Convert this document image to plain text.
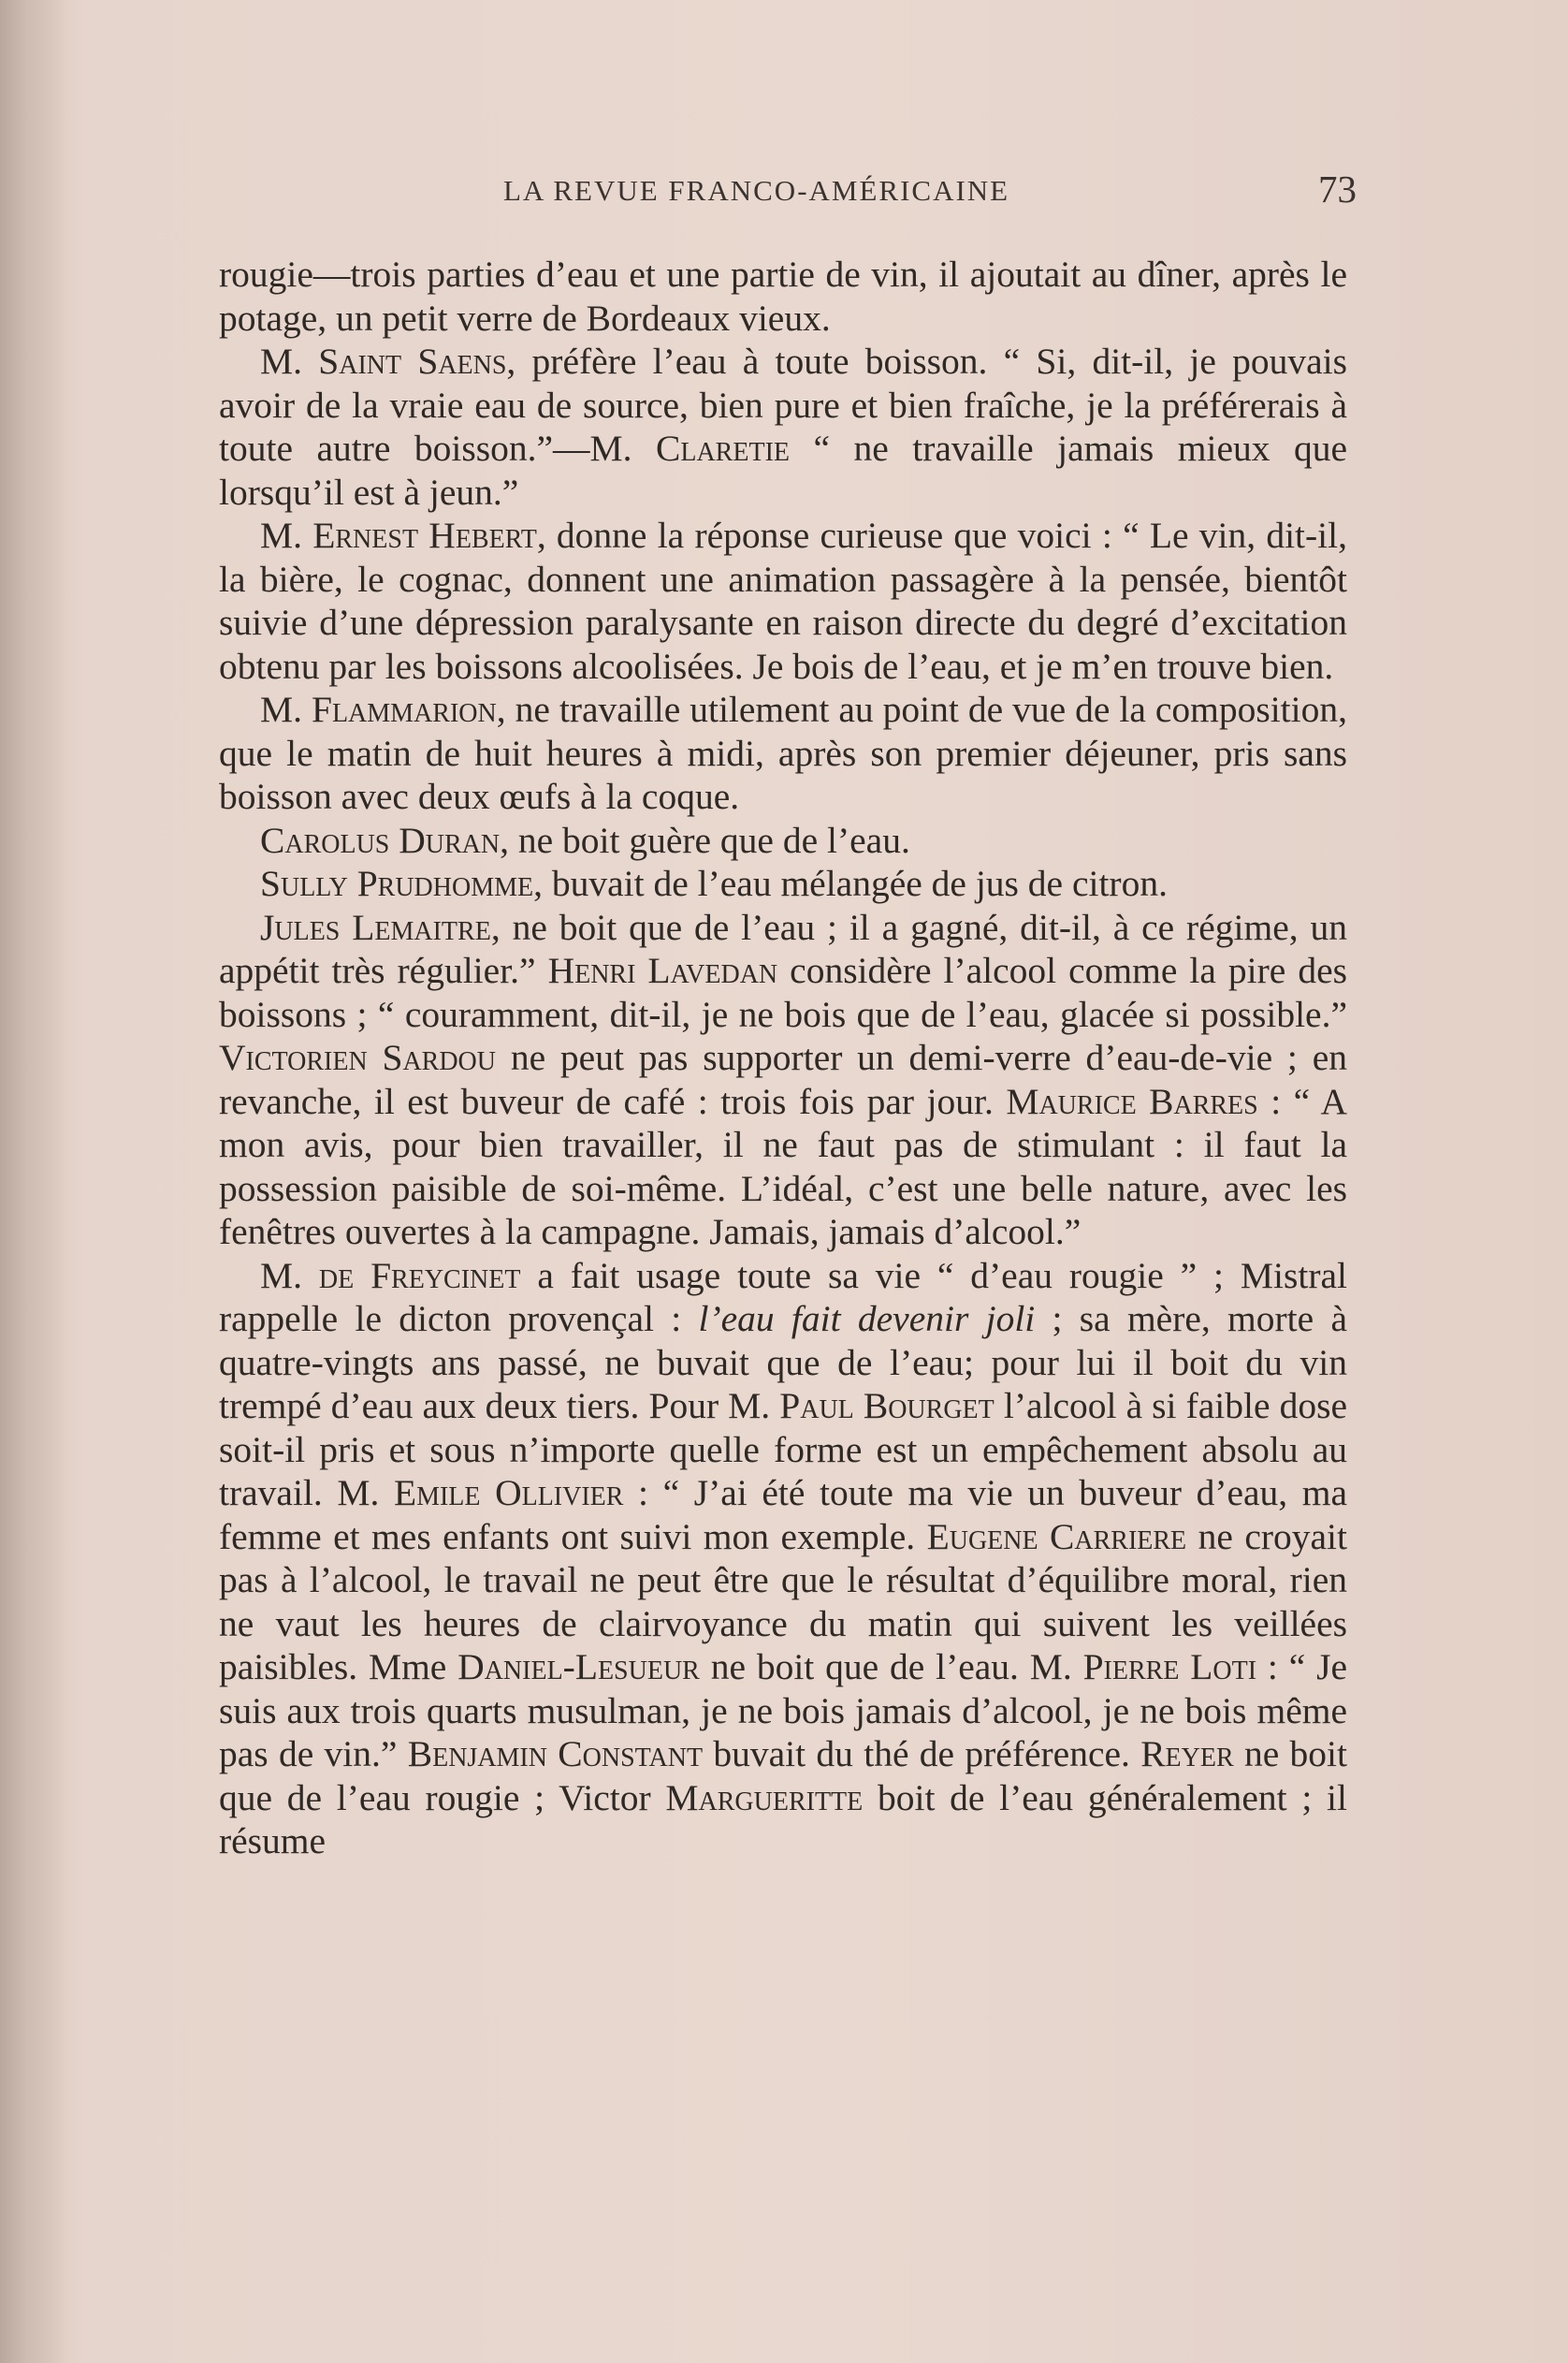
LA REVUE FRANCO-AMÉRICAINE	73

rougie—trois parties d’eau et une partie de vin, il ajoutait au dîner, après le potage, un petit verre de Bordeaux vieux.

M. Saint Saens, préfère l’eau à toute boisson. “ Si, dit-il, je pouvais avoir de la vraie eau de source, bien pure et bien fraîche, je la préférerais à toute autre boisson.”—M. Claretie “ ne travaille jamais mieux que lorsqu’il est à jeun.”

M. Ernest Hebert, donne la réponse curieuse que voici : “ Le vin, dit-il, la bière, le cognac, donnent une animation passagère à la pensée, bientôt suivie d’une dépression paralysante en raison directe du degré d’excitation obtenu par les boissons alcoolisées. Je bois de l’eau, et je m’en trouve bien.

M. Flammarion, ne travaille utilement au point de vue de la composition, que le matin de huit heures à midi, après son premier déjeuner, pris sans boisson avec deux œufs à la coque.

Carolus Duran, ne boit guère que de l’eau.

Sully Prudhomme, buvait de l’eau mélangée de jus de citron.

Jules Lemaitre, ne boit que de l’eau ; il a gagné, dit-il, à ce régime, un appétit très régulier.” Henri Lavedan considère l’alcool comme la pire des boissons ; “ couramment, dit-il, je ne bois que de l’eau, glacée si possible.” Victorien Sardou ne peut pas supporter un demi-verre d’eau-de-vie ; en revanche, il est buveur de café : trois fois par jour. Maurice Barres : “ A mon avis, pour bien travailler, il ne faut pas de stimulant : il faut la possession paisible de soi-même. L’idéal, c’est une belle nature, avec les fenêtres ouvertes à la campagne. Jamais, jamais d’alcool.”

M. de Freycinet a fait usage toute sa vie “ d’eau rougie ” ; Mistral rappelle le dicton provençal : l’eau fait devenir joli ; sa mère, morte à quatre-vingts ans passé, ne buvait que de l’eau; pour lui il boit du vin trempé d’eau aux deux tiers. Pour M. Paul Bourget l’alcool à si faible dose soit-il pris et sous n’importe quelle forme est un empêchement absolu au travail. M. Emile Ollivier : “ J’ai été toute ma vie un buveur d’eau, ma femme et mes enfants ont suivi mon exemple. Eugene Carriere ne croyait pas à l’alcool, le travail ne peut être que le résultat d’équilibre moral, rien ne vaut les heures de clairvoyance du matin qui suivent les veillées paisibles. Mme Daniel-Lesueur ne boit que de l’eau. M. Pierre Loti : “ Je suis aux trois quarts musulman, je ne bois jamais d’alcool, je ne bois même pas de vin.” Benjamin Constant buvait du thé de préférence. Reyer ne boit que de l’eau rougie ; Victor Margueritte boit de l’eau généralement ; il résume
